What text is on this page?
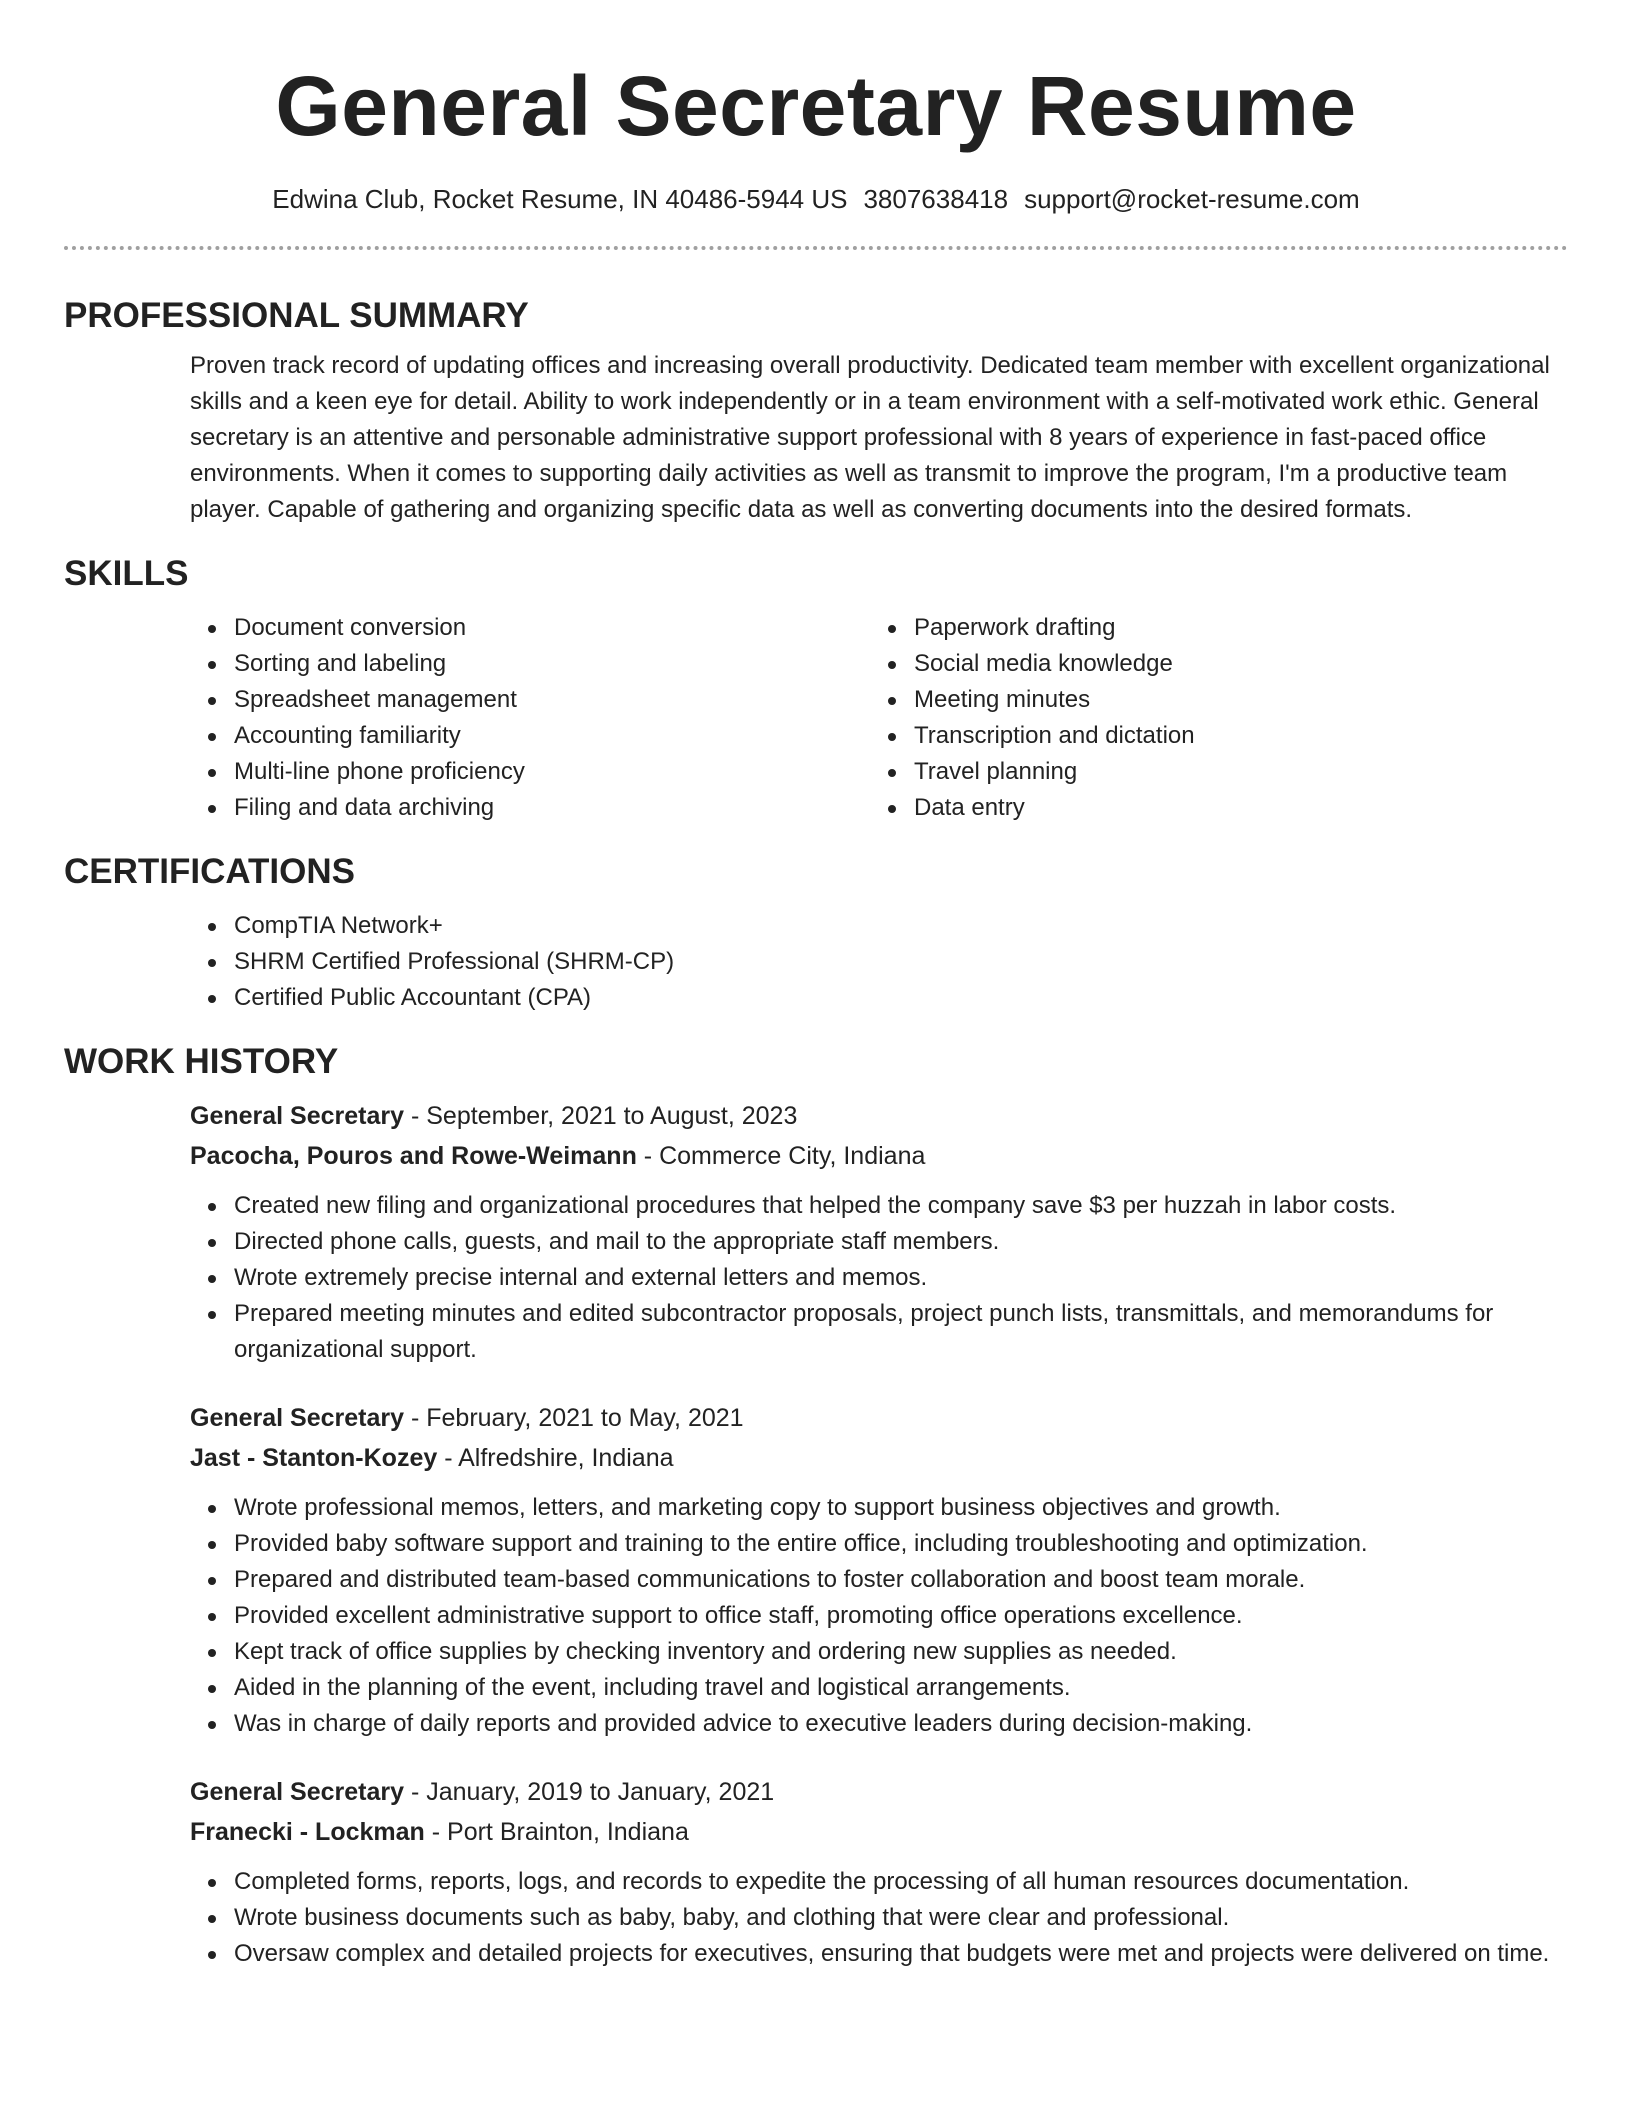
General Secretary Resume
Edwina Club, Rocket Resume, IN 40486-5944 US 3807638418 support@rocket-resume.com
PROFESSIONAL SUMMARY

Proven track record of updating offices and increasing overall productivity. Dedicated team member with excellent organizational skills and a keen eye for detail. Ability to work independently or in a team environment with a self-motivated work ethic. General secretary is an attentive and personable administrative support professional with 8 years of experience in fast-paced office environments. When it comes to supporting daily activities as well as transmit to improve the program, I'm a productive team player. Capable of gathering and organizing specific data as well as converting documents into the desired formats.

SKILLS
Document conversion
Sorting and labeling
Spreadsheet management
Accounting familiarity
Multi-line phone proficiency
Filing and data archiving
Paperwork drafting
Social media knowledge
Meeting minutes
Transcription and dictation
Travel planning
Data entry
CERTIFICATIONS
CompTIA Network+
SHRM Certified Professional (SHRM-CP)
Certified Public Accountant (CPA)
WORK HISTORY
General Secretary - September, 2021 to August, 2023
Pacocha, Pouros and Rowe-Weimann - Commerce City, Indiana
Created new filing and organizational procedures that helped the company save $3 per huzzah in labor costs.
Directed phone calls, guests, and mail to the appropriate staff members.
Wrote extremely precise internal and external letters and memos.
Prepared meeting minutes and edited subcontractor proposals, project punch lists, transmittals, and memorandums for organizational support.
General Secretary - February, 2021 to May, 2021
Jast - Stanton-Kozey - Alfredshire, Indiana
Wrote professional memos, letters, and marketing copy to support business objectives and growth.
Provided baby software support and training to the entire office, including troubleshooting and optimization.
Prepared and distributed team-based communications to foster collaboration and boost team morale.
Provided excellent administrative support to office staff, promoting office operations excellence.
Kept track of office supplies by checking inventory and ordering new supplies as needed.
Aided in the planning of the event, including travel and logistical arrangements.
Was in charge of daily reports and provided advice to executive leaders during decision-making.
General Secretary - January, 2019 to January, 2021
Franecki - Lockman - Port Brainton, Indiana
Completed forms, reports, logs, and records to expedite the processing of all human resources documentation.
Wrote business documents such as baby, baby, and clothing that were clear and professional.
Oversaw complex and detailed projects for executives, ensuring that budgets were met and projects were delivered on time.
